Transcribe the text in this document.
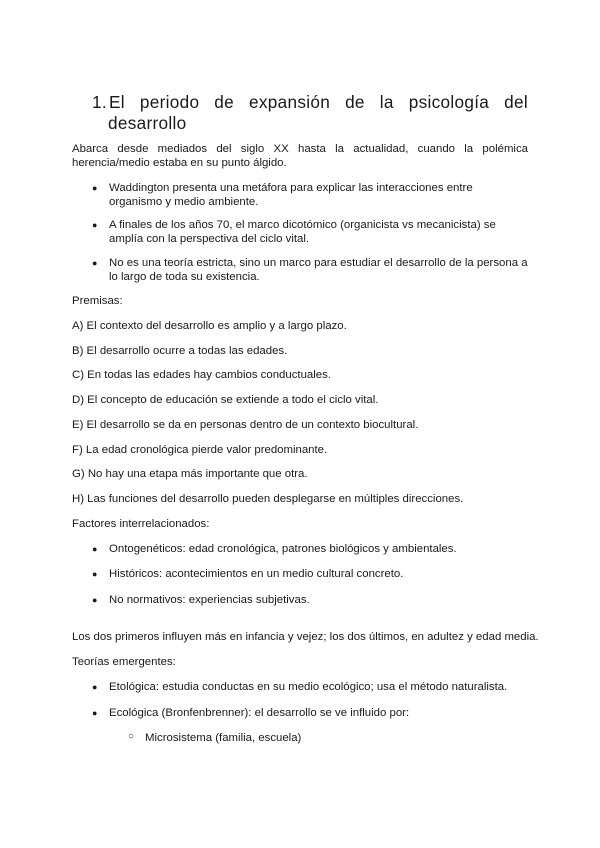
1. El periodo de expansión de la psicología del
desarrollo
Abarca desde mediados del siglo XX hasta la actualidad, cuando la polémica herencia/medio estaba en su punto álgido.
●	Waddington presenta una metáfora para explicar las interacciones entre organismo y medio ambiente.
●	A finales de los años 70, el marco dicotómico (organicista vs mecanicista) se amplía con la perspectiva del ciclo vital.
●	No es una teoría estricta, sino un marco para estudiar el desarrollo de la persona a lo largo de toda su existencia.
Premisas:
A) El contexto del desarrollo es amplio y a largo plazo.
B) El desarrollo ocurre a todas las edades.
C) En todas las edades hay cambios conductuales.
D) El concepto de educación se extiende a todo el ciclo vital.
E) El desarrollo se da en personas dentro de un contexto biocultural.
F) La edad cronológica pierde valor predominante.
G) No hay una etapa más importante que otra.
H) Las funciones del desarrollo pueden desplegarse en múltiples direcciones.
Factores interrelacionados:
●	Ontogenéticos: edad cronológica, patrones biológicos y ambientales.
●	Históricos: acontecimientos en un medio cultural concreto.
●	No normativos: experiencias subjetivas.
Los dos primeros influyen más en infancia y vejez; los dos últimos, en adultez y edad media.
Teorías emergentes:
●	Etológica: estudia conductas en su medio ecológico; usa el método naturalista.
●	Ecológica (Bronfenbrenner): el desarrollo se ve influido por:
○ Microsistema (familia, escuela)
